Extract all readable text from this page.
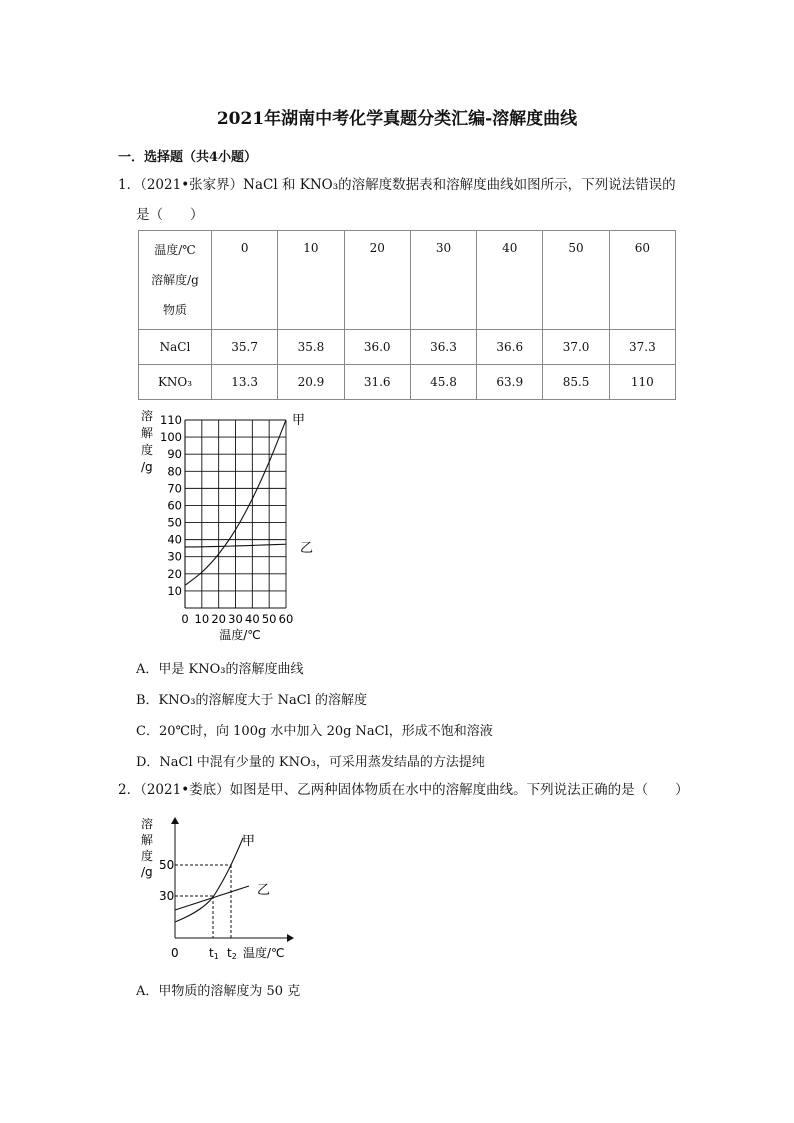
2021年湖南中考化学真题分类汇编-溶解度曲线
一．选择题（共4小题）
1．（2021•张家界）NaCl 和 KNO₃的溶解度数据表和溶解度曲线如图所示，下列说法错误的
是（　　）
温度/℃
溶解度/g
物质	0	10	20	30	40	50	60
NaCl	35.7	35.8	36.0	36.3	36.6	37.0	37.3
KNO₃	13.3	20.9	31.6	45.8	63.9	85.5	110
10
20
30
40
50
60
70
80
90
100
110
0 10 20 30 40 50 60
甲
乙
溶解度/g
温度/℃
A．甲是 KNO₃的溶解度曲线
B．KNO₃的溶解度大于 NaCl 的溶解度
C．20℃时，向 100g 水中加入 20g NaCl，形成不饱和溶液
D．NaCl 中混有少量的 KNO₃，可采用蒸发结晶的方法提纯
2．（2021•娄底）如图是甲、乙两种固体物质在水中的溶解度曲线。下列说法正确的是（　　）
溶
解
度
/g 50
30
甲
乙
0	t1 t2 温度/℃
A．甲物质的溶解度为 50 克
